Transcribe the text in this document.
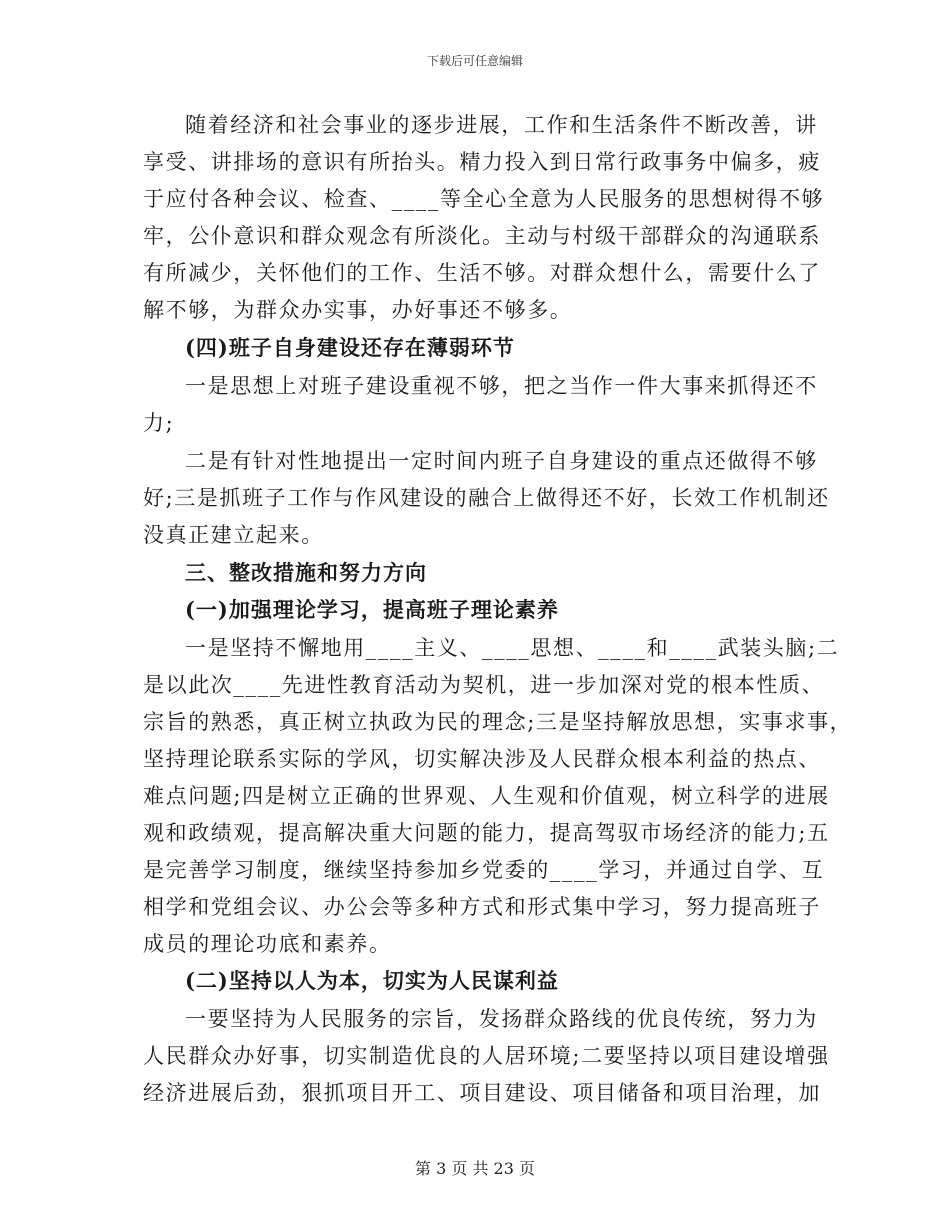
下载后可任意编辑
随着经济和社会事业的逐步进展，工作和生活条件不断改善，讲
享受、讲排场的意识有所抬头。精力投入到日常行政事务中偏多，疲
于应付各种会议、检查、____等全心全意为人民服务的思想树得不够
牢，公仆意识和群众观念有所淡化。主动与村级干部群众的沟通联系
有所减少，关怀他们的工作、生活不够。对群众想什么，需要什么了
解不够，为群众办实事，办好事还不够多。
(四)班子自身建设还存在薄弱环节
一是思想上对班子建设重视不够，把之当作一件大事来抓得还不
力;
二是有针对性地提出一定时间内班子自身建设的重点还做得不够
好;三是抓班子工作与作风建设的融合上做得还不好，长效工作机制还
没真正建立起来。
三、整改措施和努力方向
(一)加强理论学习，提高班子理论素养
一是坚持不懈地用____主义、____思想、____和____武装头脑;二
是以此次____先进性教育活动为契机，进一步加深对党的根本性质、
宗旨的熟悉，真正树立执政为民的理念;三是坚持解放思想，实事求事，
坚持理论联系实际的学风，切实解决涉及人民群众根本利益的热点、
难点问题;四是树立正确的世界观、人生观和价值观，树立科学的进展
观和政绩观，提高解决重大问题的能力，提高驾驭市场经济的能力;五
是完善学习制度，继续坚持参加乡党委的____学习，并通过自学、互
相学和党组会议、办公会等多种方式和形式集中学习，努力提高班子
成员的理论功底和素养。
(二)坚持以人为本，切实为人民谋利益
一要坚持为人民服务的宗旨，发扬群众路线的优良传统，努力为
人民群众办好事，切实制造优良的人居环境;二要坚持以项目建设增强
经济进展后劲，狠抓项目开工、项目建设、项目储备和项目治理，加
第 3 页 共 23 页
